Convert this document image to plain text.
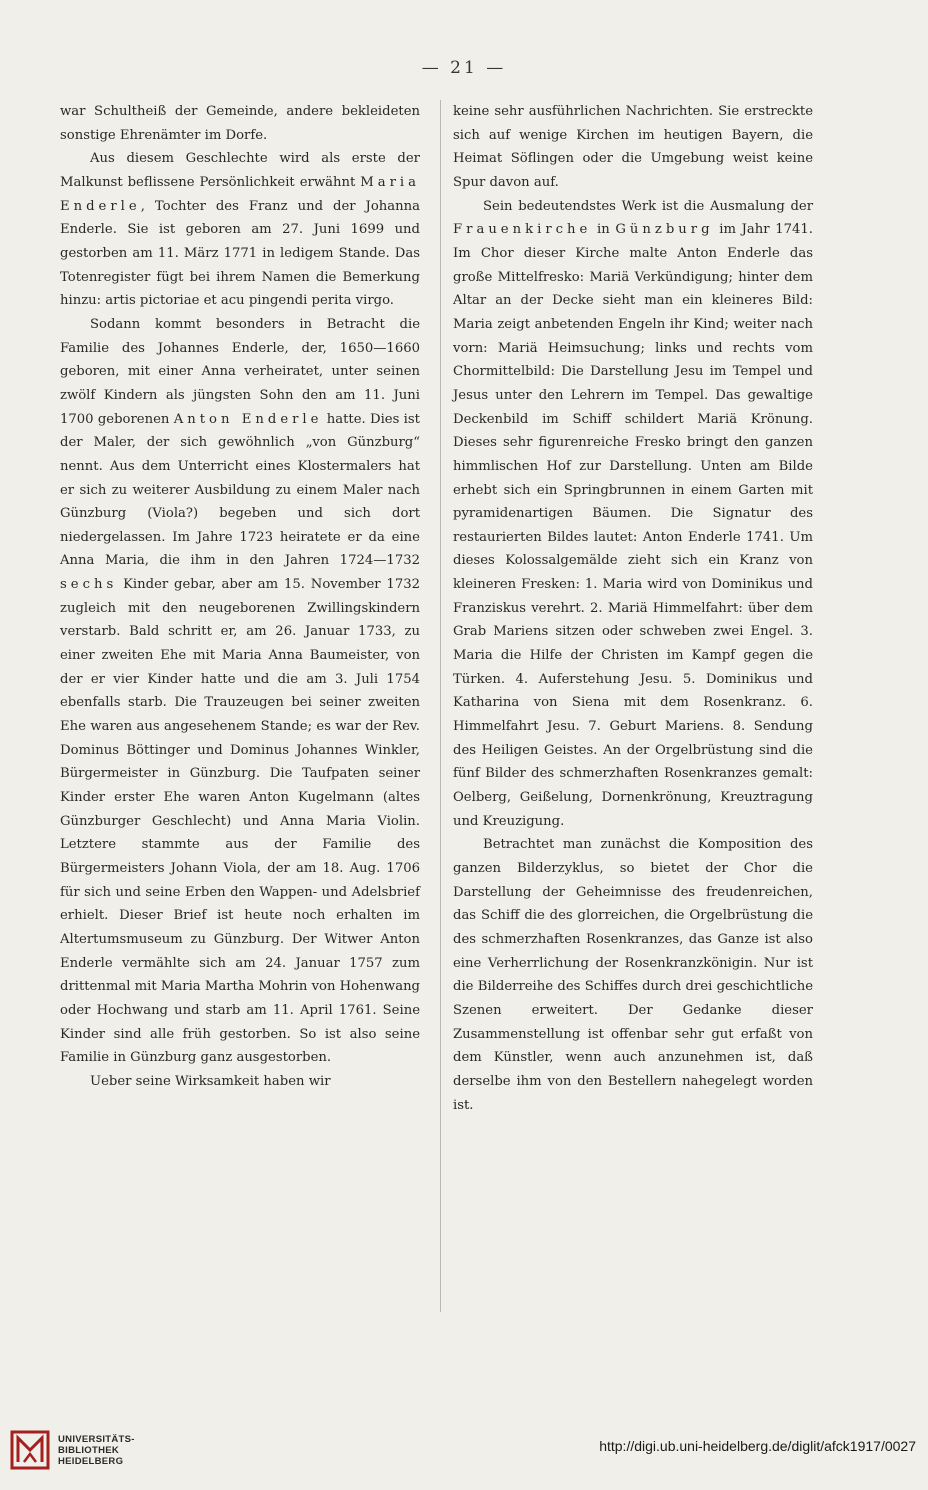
— 21 —

war Schultheiß der Gemeinde, andere bekleideten sonstige Ehrenämter im Dorfe.

Aus diesem Geschlechte wird als erste der Malkunst beflissene Persönlichkeit erwähnt Maria Enderle, Tochter des Franz und der Johanna Enderle. Sie ist geboren am 27. Juni 1699 und gestorben am 11. März 1771 in ledigem Stande. Das Totenregister fügt bei ihrem Namen die Bemerkung hinzu: artis pictoriae et acu pingendi perita virgo.

Sodann kommt besonders in Betracht die Familie des Johannes Enderle, der, 1650—1660 geboren, mit einer Anna verheiratet, unter seinen zwölf Kindern als jüngsten Sohn den am 11. Juni 1700 geborenen Anton Enderle hatte. Dies ist der Maler, der sich gewöhnlich „von Günzburg“ nennt. Aus dem Unterricht eines Klostermalers hat er sich zu weiterer Ausbildung zu einem Maler nach Günzburg (Viola?) begeben und sich dort niedergelassen. Im Jahre 1723 heiratete er da eine Anna Maria, die ihm in den Jahren 1724—1732 sechs Kinder gebar, aber am 15. November 1732 zugleich mit den neugeborenen Zwillingskindern verstarb. Bald schritt er, am 26. Januar 1733, zu einer zweiten Ehe mit Maria Anna Baumeister, von der er vier Kinder hatte und die am 3. Juli 1754 ebenfalls starb. Die Trauzeugen bei seiner zweiten Ehe waren aus angesehenem Stande; es war der Rev. Dominus Böttinger und Dominus Johannes Winkler, Bürgermeister in Günzburg. Die Taufpaten seiner Kinder erster Ehe waren Anton Kugelmann (altes Günzburger Geschlecht) und Anna Maria Violin. Letztere stammte aus der Familie des Bürgermeisters Johann Viola, der am 18. Aug. 1706 für sich und seine Erben den Wappen- und Adelsbrief erhielt. Dieser Brief ist heute noch erhalten im Altertumsmuseum zu Günzburg. Der Witwer Anton Enderle vermählte sich am 24. Januar 1757 zum drittenmal mit Maria Martha Mohrin von Hohenwang oder Hochwang und starb am 11. April 1761. Seine Kinder sind alle früh gestorben. So ist also seine Familie in Günzburg ganz ausgestorben.

Ueber seine Wirksamkeit haben wir

keine sehr ausführlichen Nachrichten. Sie erstreckte sich auf wenige Kirchen im heutigen Bayern, die Heimat Söflingen oder die Umgebung weist keine Spur davon auf.

Sein bedeutendstes Werk ist die Ausmalung der Frauenkirche in Günzburg im Jahr 1741. Im Chor dieser Kirche malte Anton Enderle das große Mittelfresko: Mariä Verkündigung; hinter dem Altar an der Decke sieht man ein kleineres Bild: Maria zeigt anbetenden Engeln ihr Kind; weiter nach vorn: Mariä Heimsuchung; links und rechts vom Chormittelbild: Die Darstellung Jesu im Tempel und Jesus unter den Lehrern im Tempel. Das gewaltige Deckenbild im Schiff schildert Mariä Krönung. Dieses sehr figurenreiche Fresko bringt den ganzen himmlischen Hof zur Darstellung. Unten am Bilde erhebt sich ein Springbrunnen in einem Garten mit pyramidenartigen Bäumen. Die Signatur des restaurierten Bildes lautet: Anton Enderle 1741. Um dieses Kolossalgemälde zieht sich ein Kranz von kleineren Fresken: 1. Maria wird von Dominikus und Franziskus verehrt. 2. Mariä Himmelfahrt: über dem Grab Mariens sitzen oder schweben zwei Engel. 3. Maria die Hilfe der Christen im Kampf gegen die Türken. 4. Auferstehung Jesu. 5. Dominikus und Katharina von Siena mit dem Rosenkranz. 6. Himmelfahrt Jesu. 7. Geburt Mariens. 8. Sendung des Heiligen Geistes. An der Orgelbrüstung sind die fünf Bilder des schmerzhaften Rosenkranzes gemalt: Oelberg, Geißelung, Dornenkrönung, Kreuztragung und Kreuzigung.

Betrachtet man zunächst die Komposition des ganzen Bilderzyklus, so bietet der Chor die Darstellung der Geheimnisse des freudenreichen, das Schiff die des glorreichen, die Orgelbrüstung die des schmerzhaften Rosenkranzes, das Ganze ist also eine Verherrlichung der Rosenkranzkönigin. Nur ist die Bilderreihe des Schiffes durch drei geschichtliche Szenen erweitert. Der Gedanke dieser Zusammenstellung ist offenbar sehr gut erfaßt von dem Künstler, wenn auch anzunehmen ist, daß derselbe ihm von den Bestellern nahegelegt worden ist.

UNIVERSITÄTS-
BIBLIOTHEK
HEIDELBERG
http://digi.ub.uni-heidelberg.de/diglit/afck1917/0027
